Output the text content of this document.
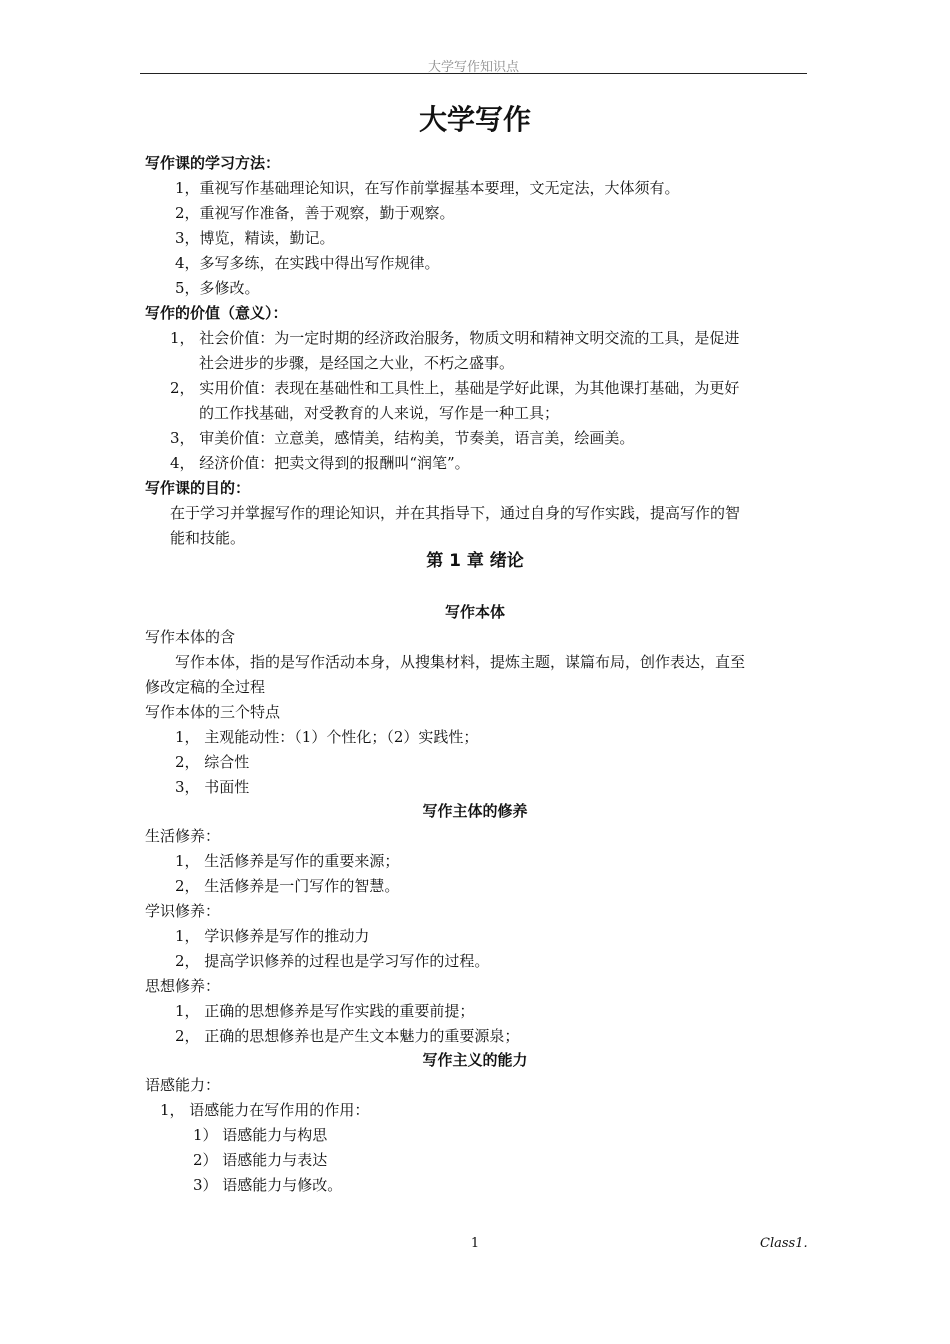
大学写作知识点
大学写作
写作课的学习方法：
1，重视写作基础理论知识，在写作前掌握基本要理，文无定法，大体须有。
2，重视写作准备，善于观察，勤于观察。
3，博览，精读，勤记。
4，多写多练，在实践中得出写作规律。
5，多修改。
写作的价值（意义）：
1， 社会价值：为一定时期的经济政治服务，物质文明和精神文明交流的工具，是促进
社会进步的步骤，是经国之大业，不朽之盛事。
2， 实用价值：表现在基础性和工具性上，基础是学好此课，为其他课打基础，为更好
的工作找基础，对受教育的人来说，写作是一种工具；
3， 审美价值：立意美，感情美，结构美，节奏美，语言美，绘画美。
4， 经济价值：把卖文得到的报酬叫“润笔”。
写作课的目的：
在于学习并掌握写作的理论知识，并在其指导下，通过自身的写作实践，提高写作的智
能和技能。
第 1 章 绪论
写作本体
写作本体的含
写作本体，指的是写作活动本身，从搜集材料，提炼主题，谋篇布局，创作表达，直至
修改定稿的全过程
写作本体的三个特点
1， 主观能动性：（1）个性化；（2）实践性；
2， 综合性
3， 书面性
写作主体的修养
生活修养：
1， 生活修养是写作的重要来源；
2， 生活修养是一门写作的智慧。
学识修养：
1， 学识修养是写作的推动力
2， 提高学识修养的过程也是学习写作的过程。
思想修养：
1， 正确的思想修养是写作实践的重要前提；
2， 正确的思想修养也是产生文本魅力的重要源泉；
写作主义的能力
语感能力：
1， 语感能力在写作用的作用：
1） 语感能力与构思
2） 语感能力与表达
3） 语感能力与修改。
1	Class1.
